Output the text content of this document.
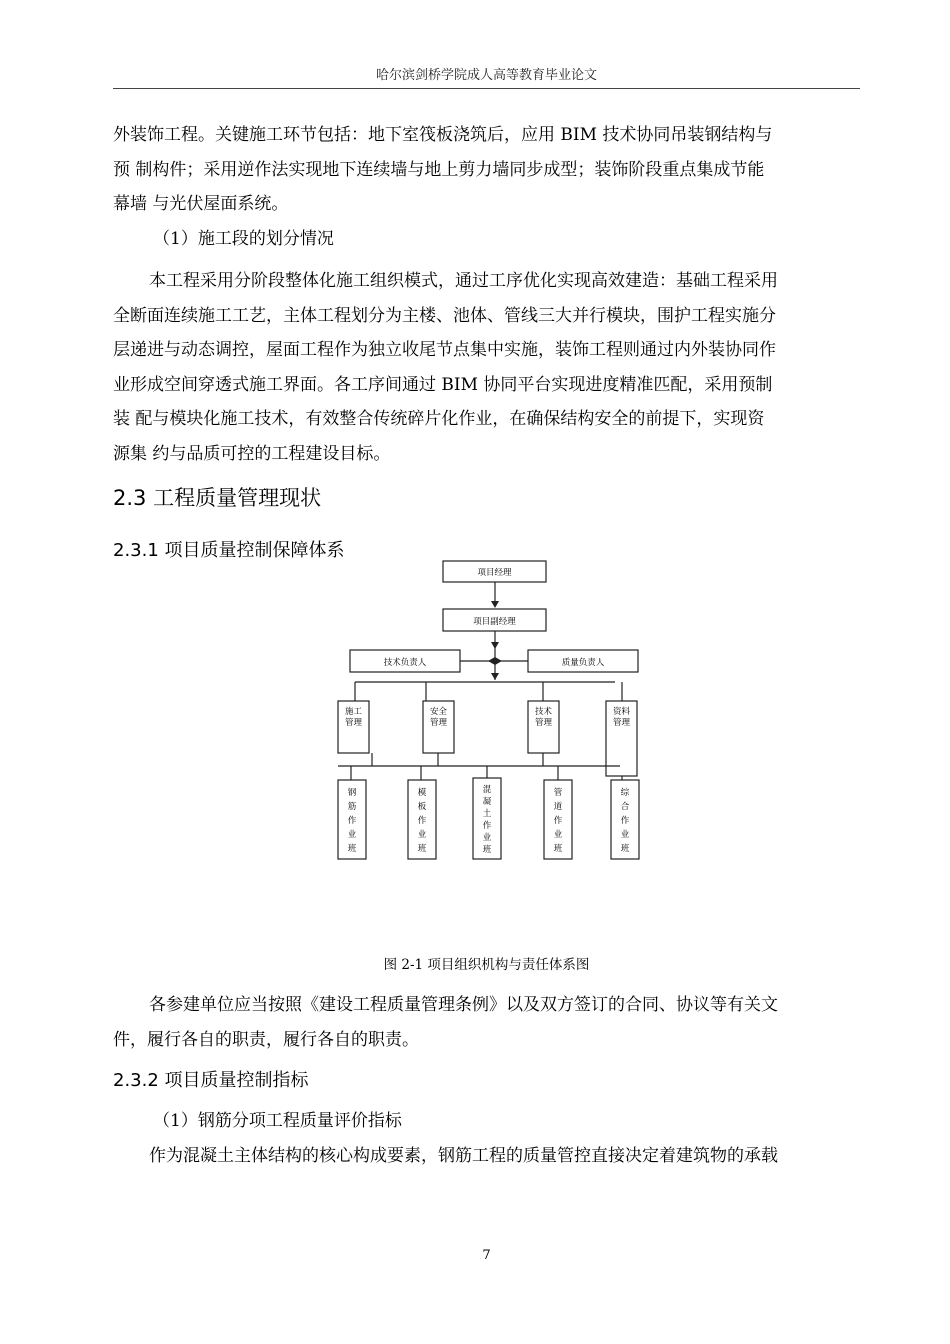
哈尔滨剑桥学院成人高等教育毕业论文

外装饰工程。关键施工环节包括：地下室筏板浇筑后，应用 BIM 技术协同吊装钢结构与

预 制构件；采用逆作法实现地下连续墙与地上剪力墙同步成型；装饰阶段重点集成节能

幕墙 与光伏屋面系统。

（1）施工段的划分情况

本工程采用分阶段整体化施工组织模式，通过工序优化实现高效建造：基础工程采用

全断面连续施工工艺，主体工程划分为主楼、池体、管线三大并行模块，围护工程实施分

层递进与动态调控，屋面工程作为独立收尾节点集中实施，装饰工程则通过内外装协同作

业形成空间穿透式施工界面。各工序间通过 BIM 协同平台实现进度精准匹配，采用预制

装 配与模块化施工技术，有效整合传统碎片化作业，在确保结构安全的前提下，实现资

源集 约与品质可控的工程建设目标。

2.3 工程质量管理现状
2.3.1 项目质量控制保障体系
项目经理
项目副经理
技术负责人	质量负责人
施工
管理
安全
管理
技术
管理
资料
管理
钢
筋
作
业
班
模
板
作
业
班
混
凝
土
作
业
班
管
道
作
业
班
综
合
作
业
班
图 2-1 项目组织机构与责任体系图

各参建单位应当按照《建设工程质量管理条例》以及双方签订的合同、协议等有关文

件，履行各自的职责，履行各自的职责。

2.3.2 项目质量控制指标

（1）钢筋分项工程质量评价指标

作为混凝土主体结构的核心构成要素，钢筋工程的质量管控直接决定着建筑物的承载

7
